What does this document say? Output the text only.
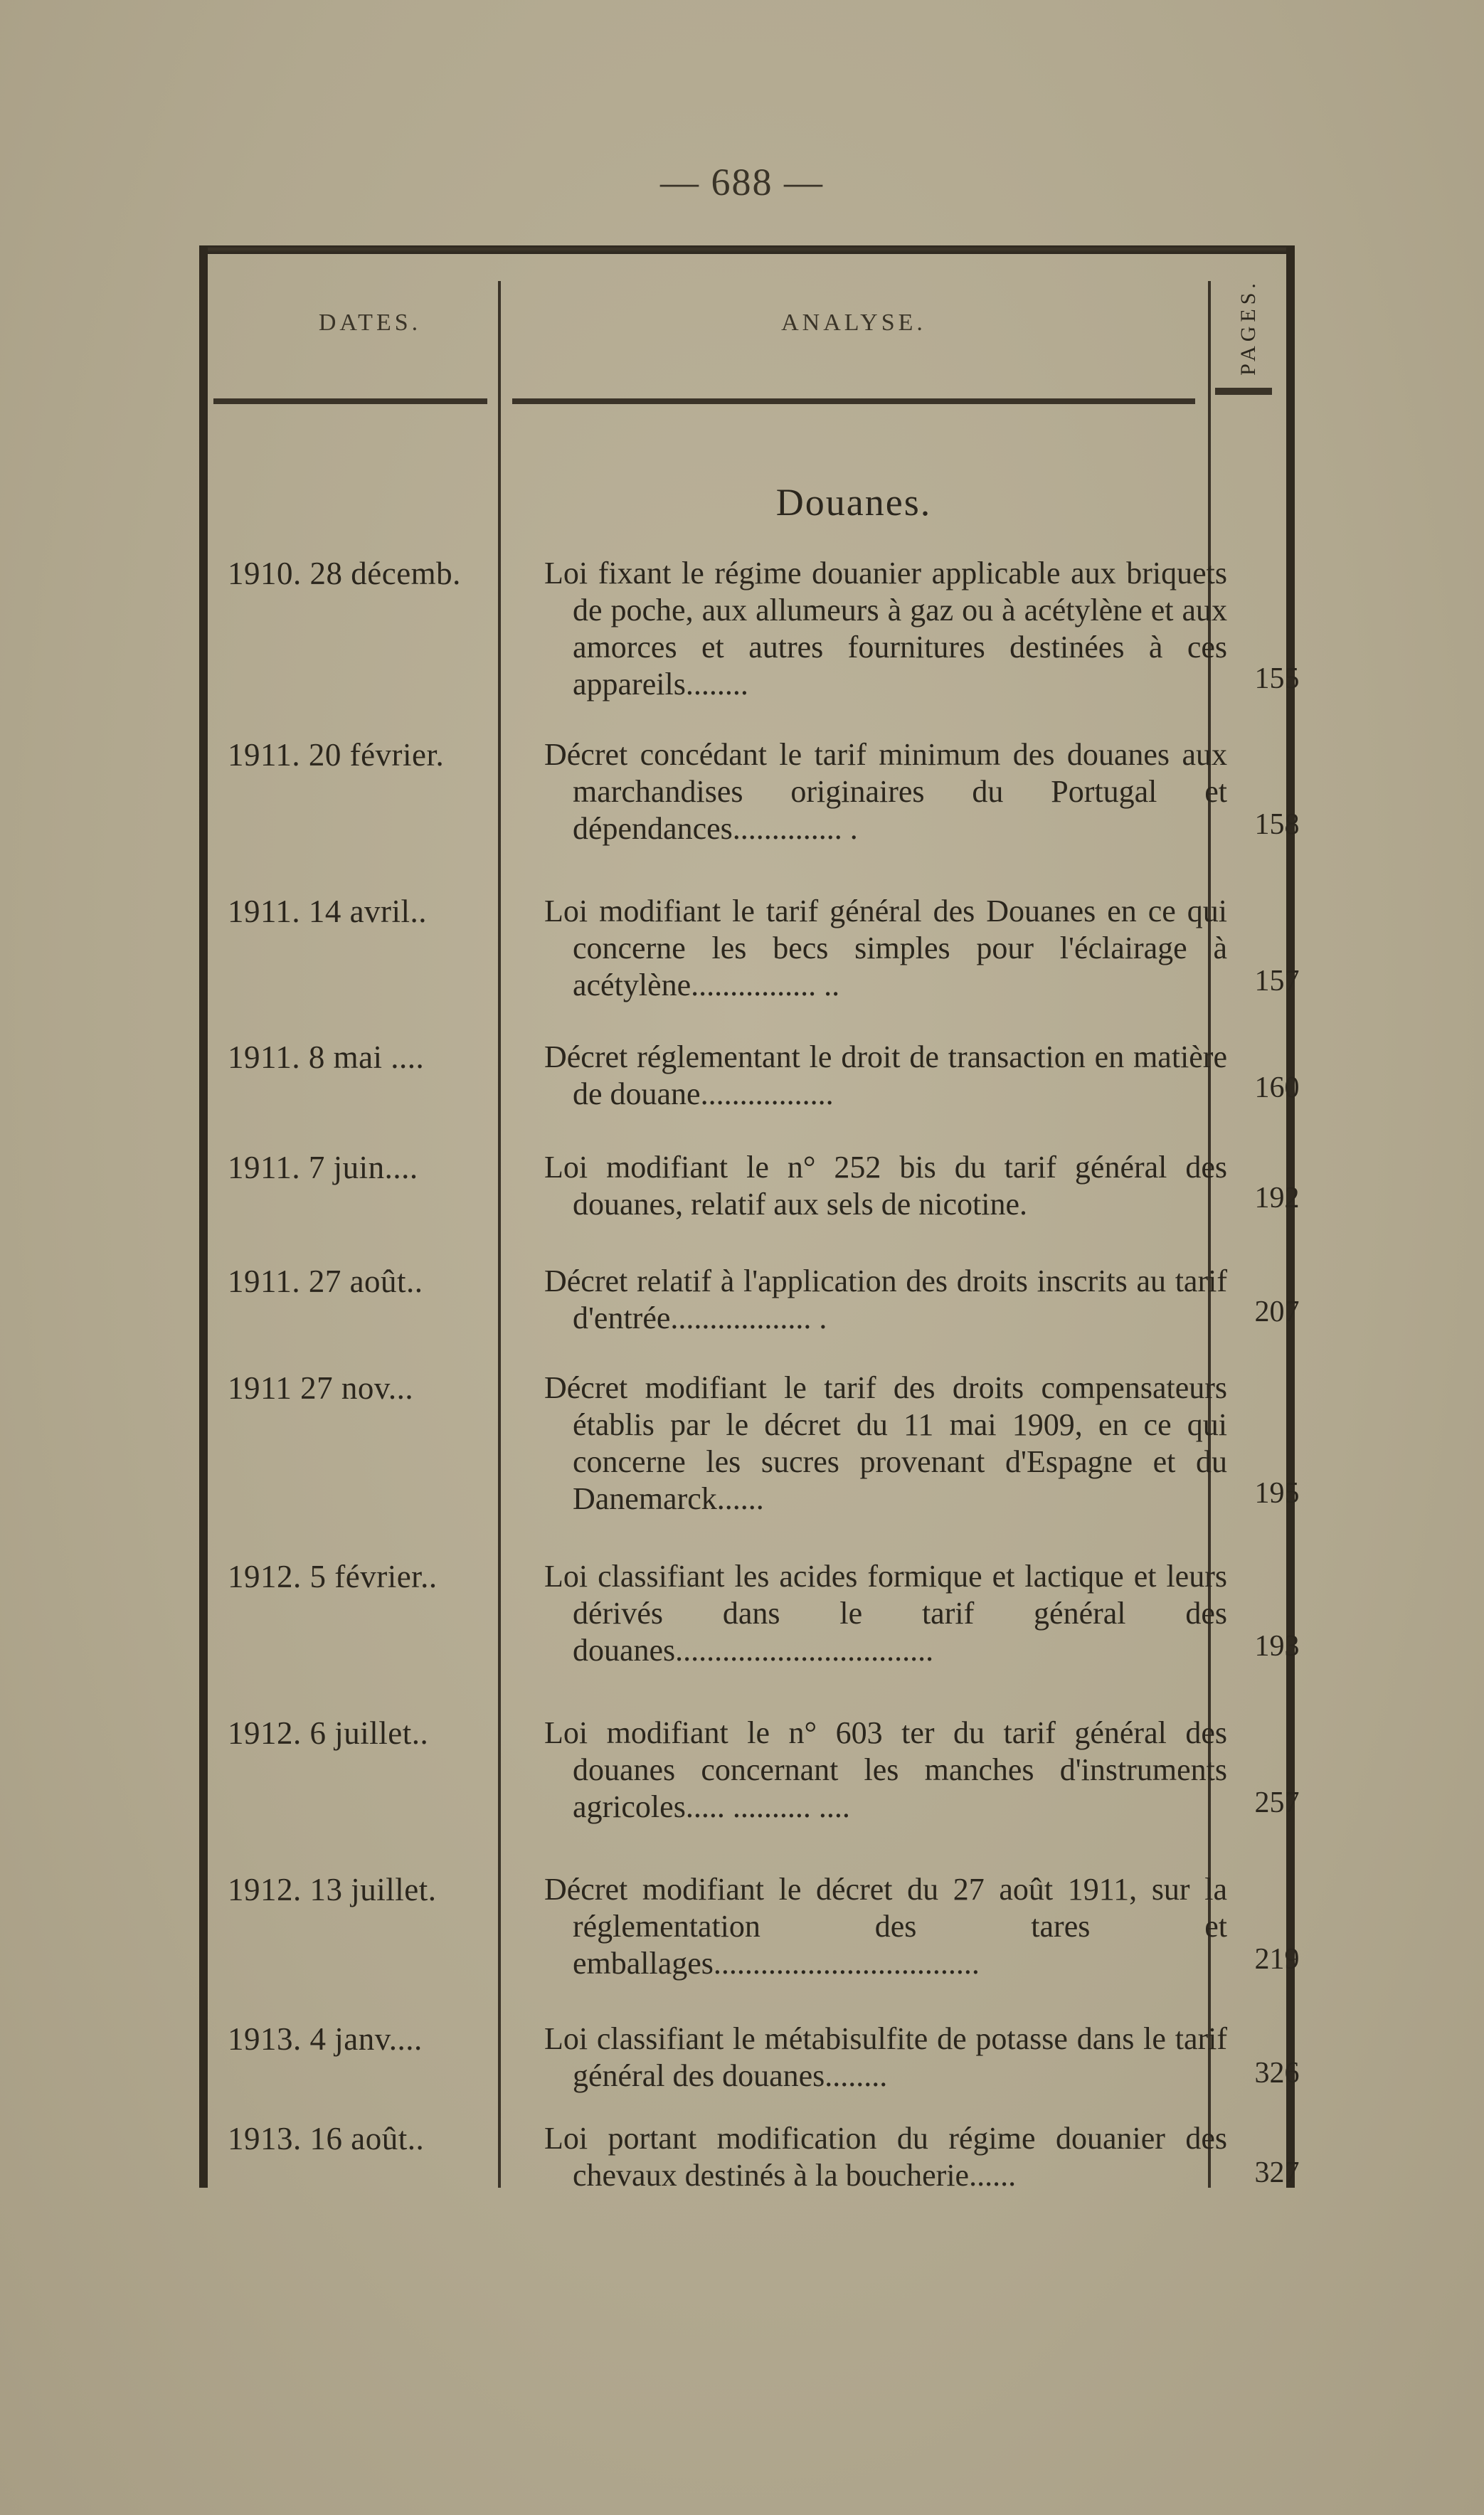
— 688 —
DATES.	ANALYSE.	PAGES.
Douanes.
1910. 28 décemb.	Loi fixant le régime douanier applicable aux briquets de poche, aux allumeurs à gaz ou à acétylène et aux amorces et autres fournitures destinées à ces appareils........	155
1911. 20 février.	Décret concédant le tarif minimum des douanes aux marchandises originaires du Portugal et dépendances.............. .	158
1911. 14 avril..	Loi modifiant le tarif général des Douanes en ce qui concerne les becs simples pour l'éclairage à acétylène................ ..	157
1911. 8 mai ....	Décret réglementant le droit de transaction en matière de douane.................	160
1911. 7 juin....	Loi modifiant le n° 252 bis du tarif général des douanes, relatif aux sels de nicotine.	192
1911. 27 août..	Décret relatif à l'application des droits inscrits au tarif d'entrée.................. .	207
1911 27 nov...	Décret modifiant le tarif des droits compensateurs établis par le décret du 11 mai 1909, en ce qui concerne les sucres provenant d'Espagne et du Danemarck......	195
1912. 5 février..	Loi classifiant les acides formique et lactique et leurs dérivés dans le tarif général des douanes.................................	193
1912. 6 juillet..	Loi modifiant le n° 603 ter du tarif général des douanes concernant les manches d'instruments agricoles..... .......... ....	257
1912. 13 juillet.	Décret modifiant le décret du 27 août 1911, sur la réglementation des tares et emballages..................................	219
1913. 4 janv....	Loi classifiant le métabisulfite de potasse dans le tarif général des douanes........	326
1913. 16 août..	Loi portant modification du régime douanier des chevaux destinés à la boucherie......	327
